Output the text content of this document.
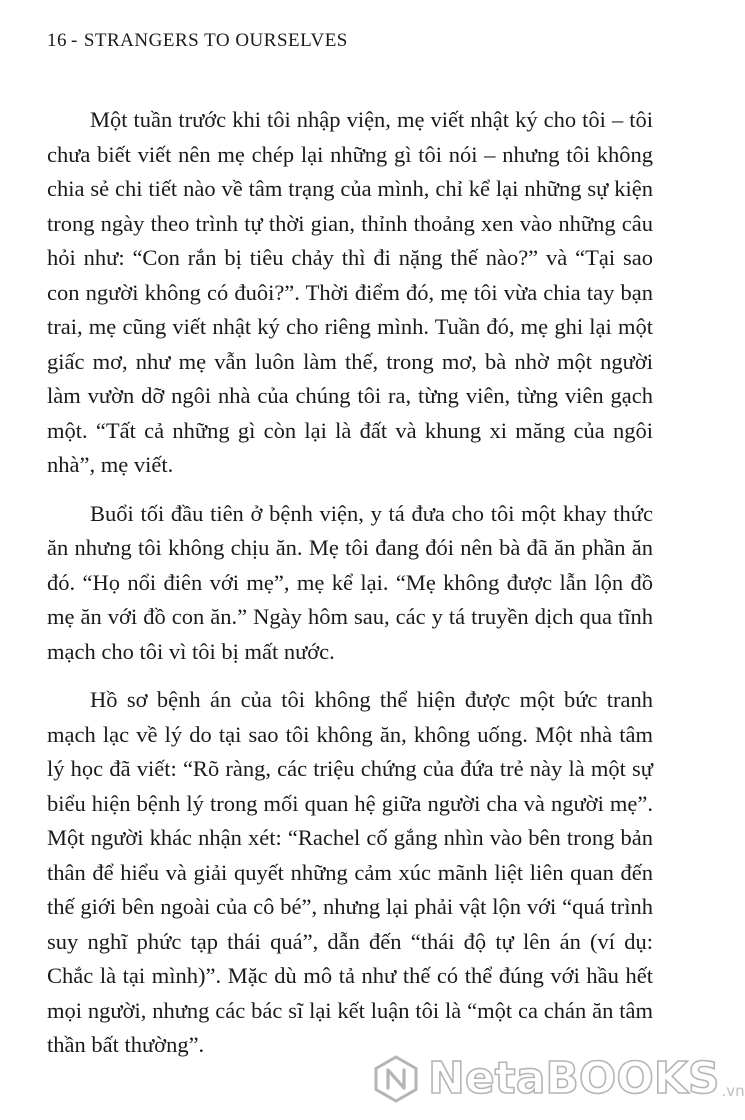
16 - STRANGERS TO OURSELVES

Một tuần trước khi tôi nhập viện, mẹ viết nhật ký cho tôi – tôi chưa biết viết nên mẹ chép lại những gì tôi nói – nhưng tôi không chia sẻ chi tiết nào về tâm trạng của mình, chỉ kể lại những sự kiện trong ngày theo trình tự thời gian, thỉnh thoảng xen vào những câu hỏi như: “Con rắn bị tiêu chảy thì đi nặng thế nào?” và “Tại sao con người không có đuôi?”. Thời điểm đó, mẹ tôi vừa chia tay bạn trai, mẹ cũng viết nhật ký cho riêng mình. Tuần đó, mẹ ghi lại một giấc mơ, như mẹ vẫn luôn làm thế, trong mơ, bà nhờ một người làm vườn dỡ ngôi nhà của chúng tôi ra, từng viên, từng viên gạch một. “Tất cả những gì còn lại là đất và khung xi măng của ngôi nhà”, mẹ viết.

Buổi tối đầu tiên ở bệnh viện, y tá đưa cho tôi một khay thức ăn nhưng tôi không chịu ăn. Mẹ tôi đang đói nên bà đã ăn phần ăn đó. “Họ nổi điên với mẹ”, mẹ kể lại. “Mẹ không được lẫn lộn đồ mẹ ăn với đồ con ăn.” Ngày hôm sau, các y tá truyền dịch qua tĩnh mạch cho tôi vì tôi bị mất nước.

Hồ sơ bệnh án của tôi không thể hiện được một bức tranh mạch lạc về lý do tại sao tôi không ăn, không uống. Một nhà tâm lý học đã viết: “Rõ ràng, các triệu chứng của đứa trẻ này là một sự biểu hiện bệnh lý trong mối quan hệ giữa người cha và người mẹ”. Một người khác nhận xét: “Rachel cố gắng nhìn vào bên trong bản thân để hiểu và giải quyết những cảm xúc mãnh liệt liên quan đến thế giới bên ngoài của cô bé”, nhưng lại phải vật lộn với “quá trình suy nghĩ phức tạp thái quá”, dẫn đến “thái độ tự lên án (ví dụ: Chắc là tại mình)”. Mặc dù mô tả như thế có thể đúng với hầu hết mọi người, nhưng các bác sĩ lại kết luận tôi là “một ca chán ăn tâm thần bất thường”.

NetaBOOKS .vn
